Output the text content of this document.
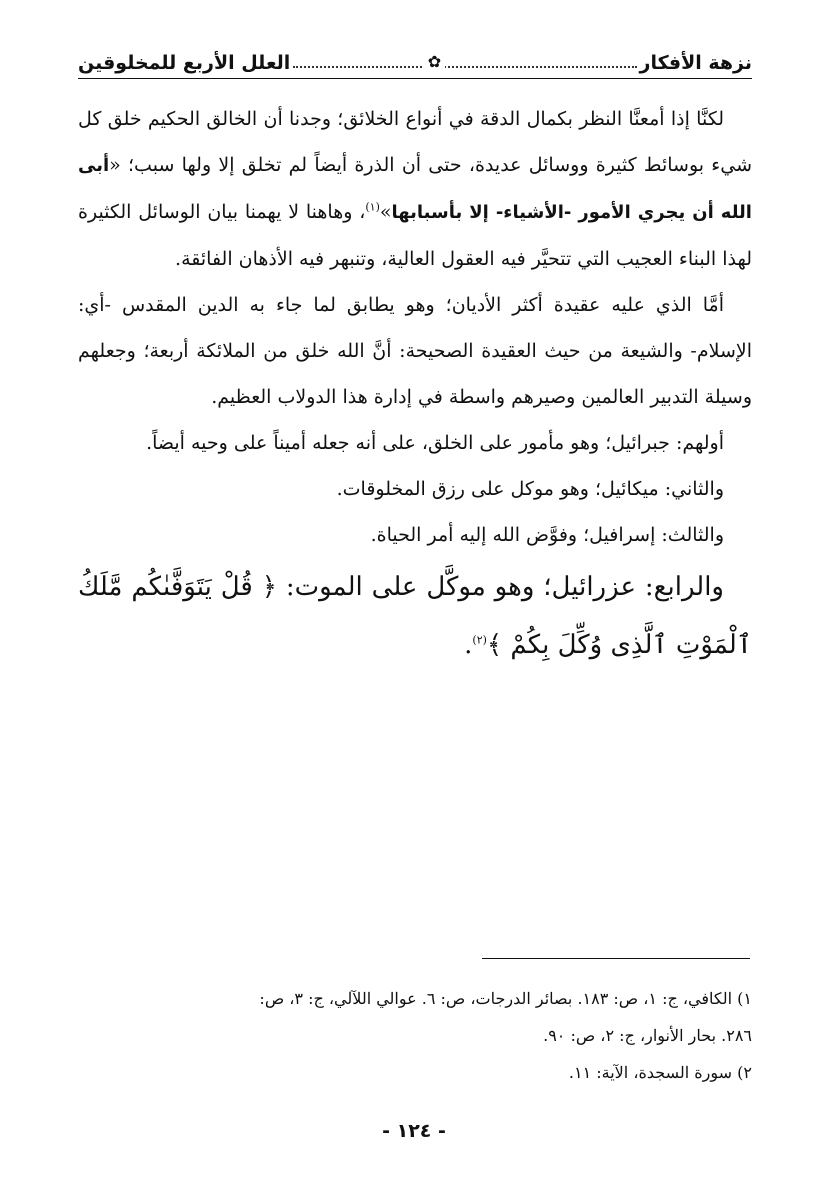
نزهة الأفكار
✿
العلل الأربع للمخلوقين

لكنَّا إذا أمعنَّا النظر بكمال الدقة في أنواع الخلائق؛ وجدنا أن الخالق الحكيم خلق كل شيء بوسائط كثيرة ووسائل عديدة، حتى أن الذرة أيضاً لم تخلق إلا ولها سبب؛ «أبى الله أن يجري الأمور -الأشياء- إلا بأسبابها»$^{(١)}$، وهاهنا لا يهمنا بيان الوسائل الكثيرة لهذا البناء العجيب التي تتحيَّر فيه العقول العالية، وتنبهر فيه الأذهان الفائقة.

أمَّا الذي عليه عقيدة أكثر الأديان؛ وهو يطابق لما جاء به الدين المقدس -أي: الإسلام- والشيعة من حيث العقيدة الصحيحة: أنَّ الله خلق من الملائكة أربعة؛ وجعلهم وسيلة التدبير العالمين وصيرهم واسطة في إدارة هذا الدولاب العظيم.

أولهم: جبرائيل؛ وهو مأمور على الخلق، على أنه جعله أميناً على وحيه أيضاً.

والثاني: ميكائيل؛ وهو موكل على رزق المخلوقات.

والثالث: إسرافيل؛ وفوَّض الله إليه أمر الحياة.

والرابع: عزرائيل؛ وهو موكَّل على الموت: ﴿ قُلْ يَتَوَفَّىٰكُم مَّلَكُ ٱلْمَوْتِ ٱلَّذِى وُكِّلَ بِكُمْ ﴾$^{(٢)}$.

١) الكافي، ج: ١، ص: ١٨٣. بصائر الدرجات، ص: ٦. عوالي اللآلي، ج: ٣، ص:

٢٨٦. بحار الأنوار، ج: ٢، ص: ٩٠.

٢) سورة السجدة، الآية: ١١.

- ١٢٤ -
